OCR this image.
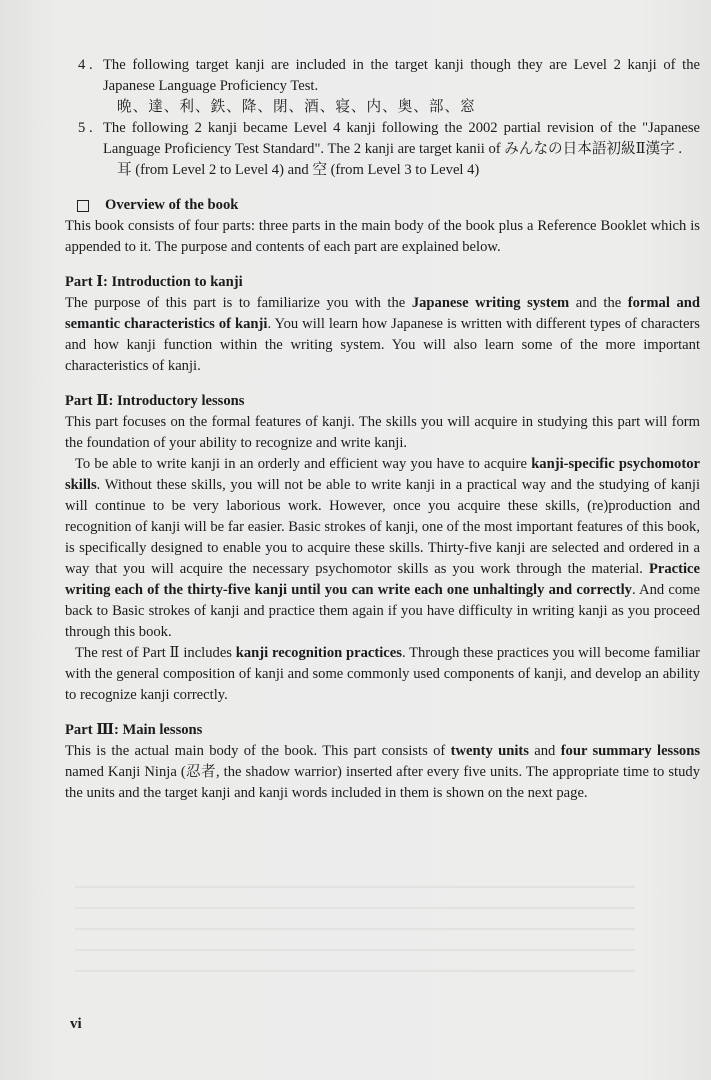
4 . The following target kanji are included in the target kanji though they are Level 2 kanji of the Japanese Language Proficiency Test.

晩、達、利、鉄、降、閉、酒、寝、内、奥、部、窓

5 . The following 2 kanji became Level 4 kanji following the 2002 partial revision of the "Japanese Language Proficiency Test Standard". The 2 kanji are target kanii of みんなの日本語初級Ⅱ漢字 .

耳 (from Level 2 to Level 4) and 空 (from Level 3 to Level 4)

Overview of the book

This book consists of four parts: three parts in the main body of the book plus a Reference Booklet which is appended to it. The purpose and contents of each part are explained below.

Part Ⅰ: Introduction to kanji

The purpose of this part is to familiarize you with the Japanese writing system and the formal and semantic characteristics of kanji. You will learn how Japanese is written with different types of characters and how kanji function within the writing system. You will also learn some of the more important characteristics of kanji.

Part Ⅱ: Introductory lessons

This part focuses on the formal features of kanji. The skills you will acquire in studying this part will form the foundation of your ability to recognize and write kanji.

To be able to write kanji in an orderly and efficient way you have to acquire kanji-specific psychomotor skills. Without these skills, you will not be able to write kanji in a practical way and the studying of kanji will continue to be very laborious work. However, once you acquire these skills, (re)production and recognition of kanji will be far easier. Basic strokes of kanji, one of the most important features of this book, is specifically designed to enable you to acquire these skills. Thirty-five kanji are selected and ordered in a way that you will acquire the necessary psychomotor skills as you work through the material. Practice writing each of the thirty-five kanji until you can write each one unhaltingly and correctly. And come back to Basic strokes of kanji and practice them again if you have difficulty in writing kanji as you proceed through this book.

The rest of Part Ⅱ includes kanji recognition practices. Through these practices you will become familiar with the general composition of kanji and some commonly used components of kanji, and develop an ability to recognize kanji correctly.

Part Ⅲ: Main lessons

This is the actual main body of the book. This part consists of twenty units and four summary lessons named Kanji Ninja (忍者, the shadow warrior) inserted after every five units. The appropriate time to study the units and the target kanji and kanji words included in them is shown on the next page.

vi
